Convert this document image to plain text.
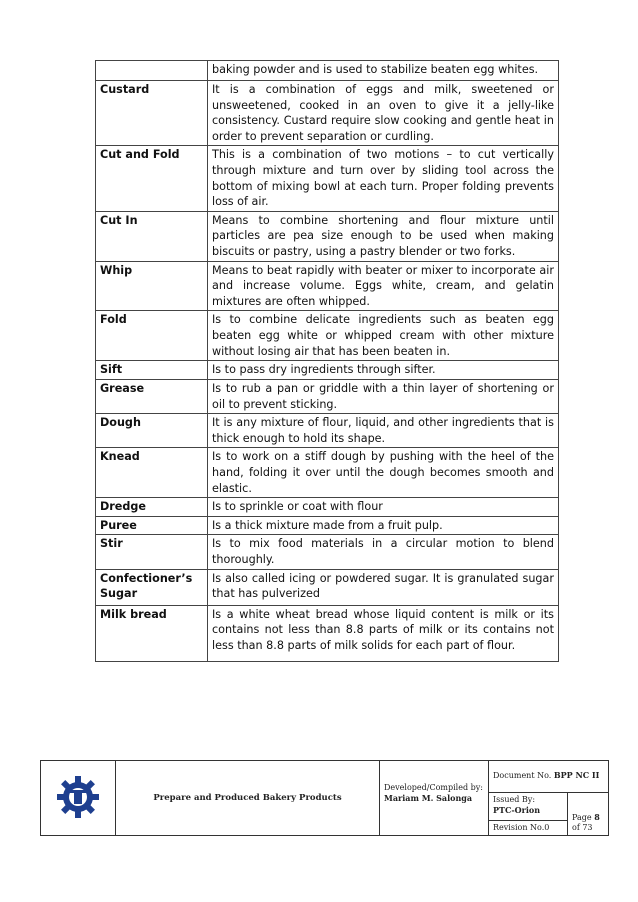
	baking powder and is used to stabilize beaten egg whites.
Custard	It is a combination of eggs and milk, sweetened or unsweetened, cooked in an oven to give it a jelly-like consistency. Custard require slow cooking and gentle heat in order to prevent separation or curdling.
Cut and Fold	This is a combination of two motions – to cut vertically through mixture and turn over by sliding tool across the bottom of mixing bowl at each turn. Proper folding prevents loss of air.
Cut In	Means to combine shortening and flour mixture until particles are pea size enough to be used when making biscuits or pastry, using a pastry blender or two forks.
Whip	Means to beat rapidly with beater or mixer to incorporate air and increase volume. Eggs white, cream, and gelatin mixtures are often whipped.
Fold	Is to combine delicate ingredients such as beaten egg beaten egg white or whipped cream with other mixture without losing air that has been beaten in.
Sift	Is to pass dry ingredients through sifter.
Grease	Is to rub a pan or griddle with a thin layer of shortening or oil to prevent sticking.
Dough	It is any mixture of flour, liquid, and other ingredients that is thick enough to hold its shape.
Knead	Is to work on a stiff dough by pushing with the heel of the hand, folding it over until the dough becomes smooth and elastic.
Dredge	Is to sprinkle or coat with flour
Puree	Is a thick mixture made from a fruit pulp.
Stir	Is to mix food materials in a circular motion to blend thoroughly.
Confectioner’s Sugar	Is also called icing or powdered sugar. It is granulated sugar that has pulverized
Milk bread	Is a white wheat bread whose liquid content is milk or its contains not less than 8.8 parts of milk or its contains not less than 8.8 parts of milk solids for each part of flour.
	Prepare and Produced Bakery Products	Developed/Compiled by:
Mariam M. Salonga	Document No. BPP NC II	
			Issued By:
PTC-Orion	Page 8
of 73
			Revision No.0	
